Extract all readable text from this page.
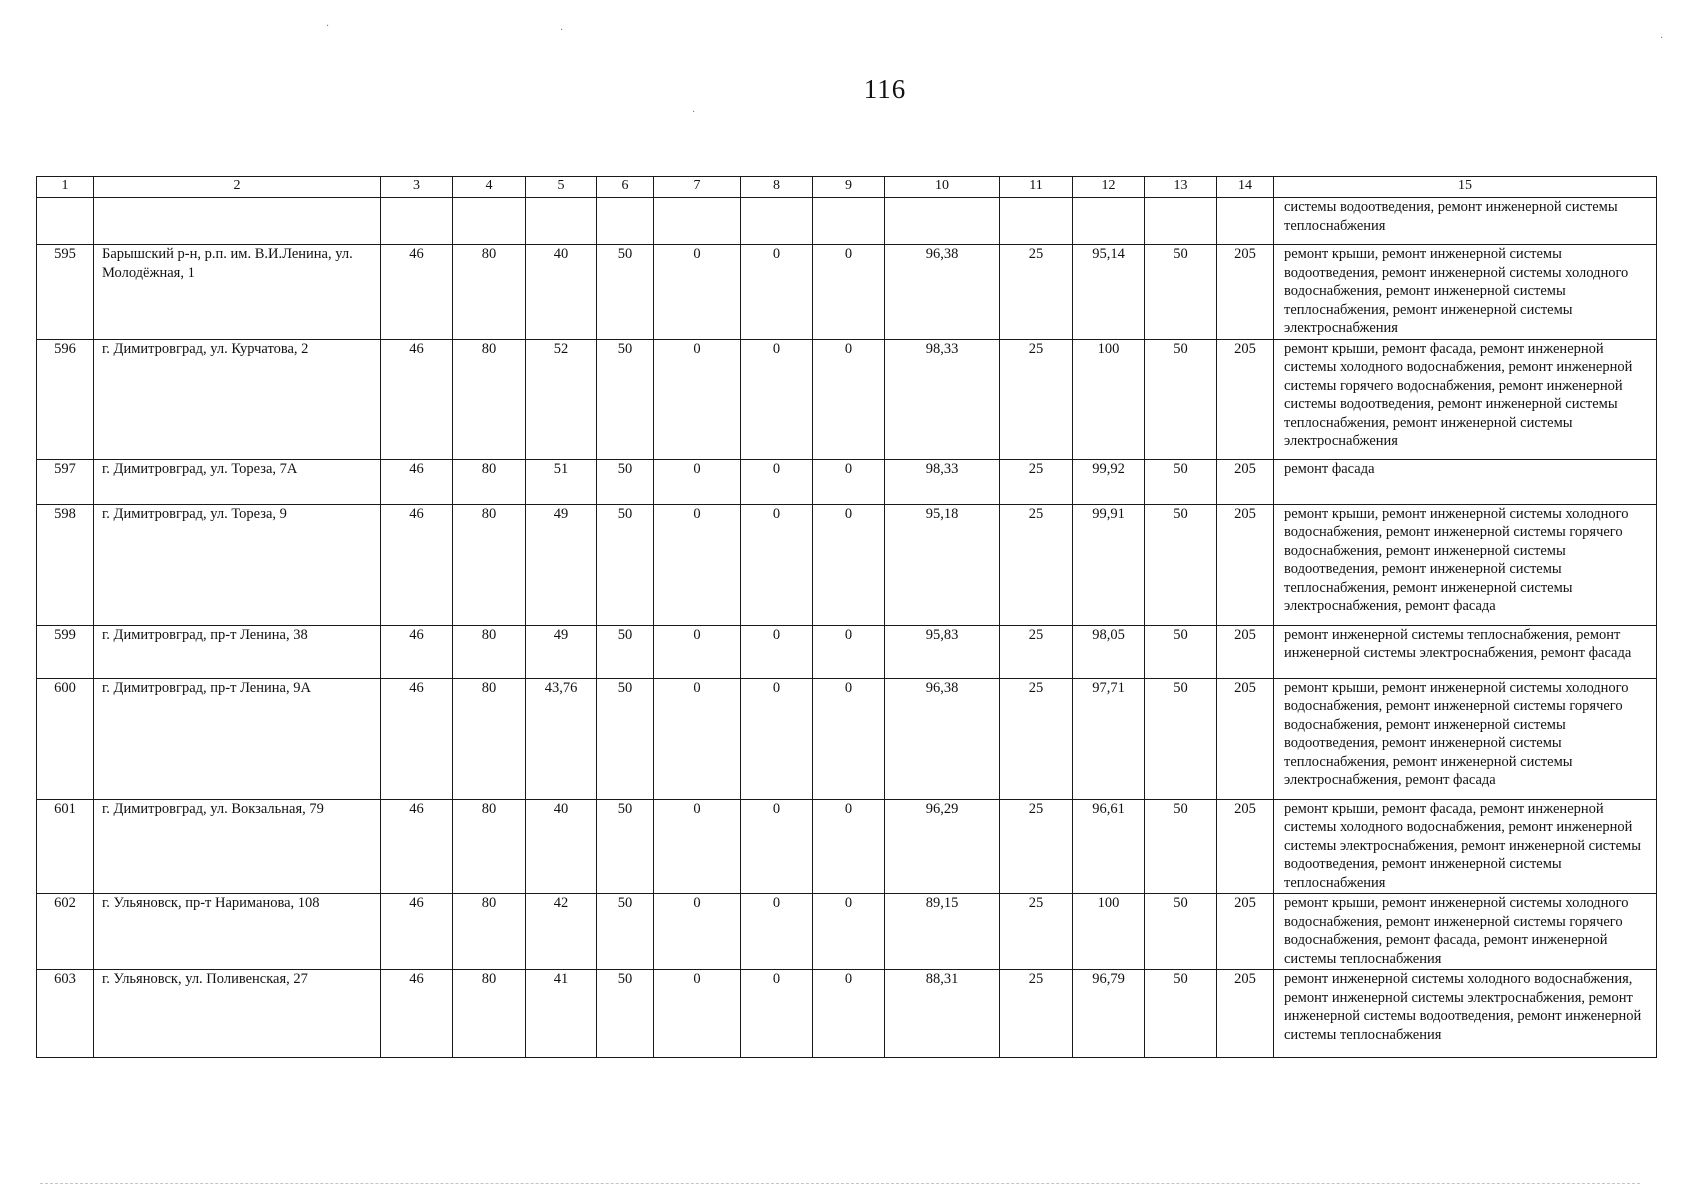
116
.	.
.
.
1	2	3	4	5	6	7	8	9	10	11	12	13	14	15
														системы водоотведения, ремонт инженерной системы теплоснабжения
595	Барышский р-н, р.п. им. В.И.Ленина, ул. Молодёжная, 1	46	80	40	50	0	0	0	96,38	25	95,14	50	205	ремонт крыши, ремонт инженерной системы водоотведения, ремонт инженерной системы холодного водоснабжения, ремонт инженерной системы теплоснабжения, ремонт инженерной системы электроснабжения
596	г. Димитровград, ул. Курчатова, 2	46	80	52	50	0	0	0	98,33	25	100	50	205	ремонт крыши, ремонт фасада, ремонт инженерной системы холодного водоснабжения, ремонт инженерной системы горячего водоснабжения, ремонт инженерной системы водоотведения, ремонт инженерной системы теплоснабжения, ремонт инженерной системы электроснабжения
597	г. Димитровград, ул. Тореза, 7А	46	80	51	50	0	0	0	98,33	25	99,92	50	205	ремонт фасада
598	г. Димитровград, ул. Тореза, 9	46	80	49	50	0	0	0	95,18	25	99,91	50	205	ремонт крыши, ремонт инженерной системы холодного водоснабжения, ремонт инженерной системы горячего водоснабжения, ремонт инженерной системы водоотведения, ремонт инженерной системы теплоснабжения, ремонт инженерной системы электроснабжения, ремонт фасада
599	г. Димитровград, пр-т Ленина, 38	46	80	49	50	0	0	0	95,83	25	98,05	50	205	ремонт инженерной системы теплоснабжения, ремонт инженерной системы электроснабжения, ремонт фасада
600	г. Димитровград, пр-т Ленина, 9А	46	80	43,76	50	0	0	0	96,38	25	97,71	50	205	ремонт крыши, ремонт инженерной системы холодного водоснабжения, ремонт инженерной системы горячего водоснабжения, ремонт инженерной системы водоотведения, ремонт инженерной системы теплоснабжения, ремонт инженерной системы электроснабжения, ремонт фасада
601	г. Димитровград, ул. Вокзальная, 79	46	80	40	50	0	0	0	96,29	25	96,61	50	205	ремонт крыши, ремонт фасада, ремонт инженерной системы холодного водоснабжения, ремонт инженерной системы электроснабжения, ремонт инженерной системы водоотведения, ремонт инженерной системы теплоснабжения
602	г. Ульяновск, пр-т Нариманова, 108	46	80	42	50	0	0	0	89,15	25	100	50	205	ремонт крыши, ремонт инженерной системы холодного водоснабжения, ремонт инженерной системы горячего водоснабжения, ремонт фасада, ремонт инженерной системы теплоснабжения
603	г. Ульяновск, ул. Поливенская, 27	46	80	41	50	0	0	0	88,31	25	96,79	50	205	ремонт инженерной системы холодного водоснабжения, ремонт инженерной системы электроснабжения, ремонт инженерной системы водоотведения, ремонт инженерной системы теплоснабжения
